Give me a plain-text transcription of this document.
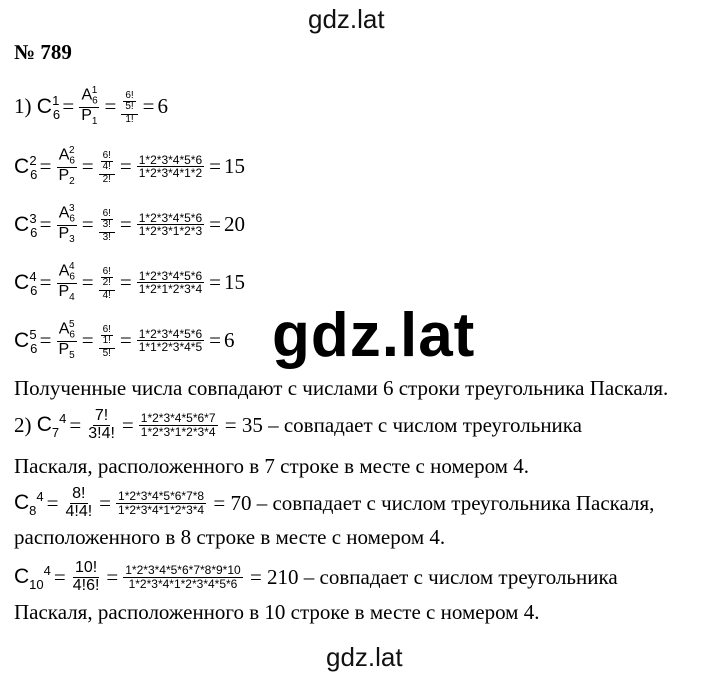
gdz.lat
gdz.lat
gdz.lat
№ 789
1)
$C_6^1 = \frac{A_6^1}{P_1} = \frac{\frac{6!}{5!}}{1!} = 6$
$C_6^2 = \frac{A_6^2}{P_2} = \frac{\frac{6!}{4!}}{2!} = \frac{1*2*3*4*5*6}{1*2*3*4*1*2} = 15$
$C_6^3 = \frac{A_6^3}{P_3} = \frac{\frac{6!}{3!}}{3!} = \frac{1*2*3*4*5*6}{1*2*3*1*2*3} = 20$
$C_6^4 = \frac{A_6^4}{P_4} = \frac{\frac{6!}{2!}}{4!} = \frac{1*2*3*4*5*6}{1*2*1*2*3*4} = 15$
$C_6^5 = \frac{A_6^5}{P_5} = \frac{\frac{6!}{1!}}{5!} = \frac{1*2*3*4*5*6}{1*1*2*3*4*5} = 6$
Полученные числа совпадают с числами 6 строки треугольника Паскаля.
2)
$C_7^4 = \frac{7!}{3!4!} = \frac{1*2*3*4*5*6*7}{1*2*3*1*2*3*4}$
= 35 – совпадает с числом треугольника
Паскаля, расположенного в 7 строке в месте с номером 4.
$C_8^4 = \frac{8!}{4!4!} = \frac{1*2*3*4*5*6*7*8}{1*2*3*4*1*2*3*4}$
= 70 – совпадает с числом треугольника Паскаля,
расположенного в 8 строке в месте с номером 4.
$C_{10}^4 = \frac{10!}{4!6!} = \frac{1*2*3*4*5*6*7*8*9*10}{1*2*3*4*1*2*3*4*5*6}$
= 210 – совпадает с числом треугольника
Паскаля, расположенного в 10 строке в месте с номером 4.
